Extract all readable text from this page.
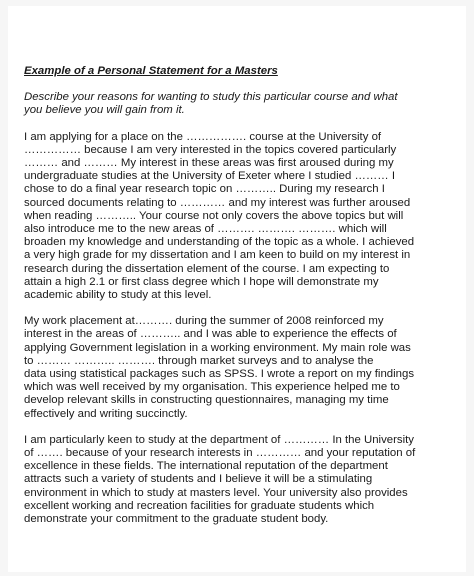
Example of a Personal Statement for a Masters
Describe your reasons for wanting to study this particular course and what
you believe you will gain from it.
I am applying for a place on the ……………. course at the University of
…………… because I am very interested in the topics covered particularly
……… and ……… My interest in these areas was first aroused during my
undergraduate studies at the University of Exeter where I studied ……… I
chose to do a final year research topic on ……….. During my research I
sourced documents relating to ………… and my interest was further aroused
when reading ……….. Your course not only covers the above topics but will
also introduce me to the new areas of ………. ………. ………. which will
broaden my knowledge and understanding of the topic as a whole. I achieved
a very high grade for my dissertation and I am keen to build on my interest in
research during the dissertation element of the course. I am expecting to
attain a high 2.1 or first class degree which I hope will demonstrate my
academic ability to study at this level.
My work placement at………. during the summer of 2008 reinforced my
interest in the areas of ……….. and I was able to experience the effects of
applying Government legislation in a working environment. My main role was
to ……… ……….. ………. through market surveys and to analyse the
data using statistical packages such as SPSS. I wrote a report on my findings
which was well received by my organisation. This experience helped me to
develop relevant skills in constructing questionnaires, managing my time
effectively and writing succinctly.
I am particularly keen to study at the department of ………… In the University
of ……. because of your research interests in ………… and your reputation of
excellence in these fields. The international reputation of the department
attracts such a variety of students and I believe it will be a stimulating
environment in which to study at masters level. Your university also provides
excellent working and recreation facilities for graduate students which
demonstrate your commitment to the graduate student body.
